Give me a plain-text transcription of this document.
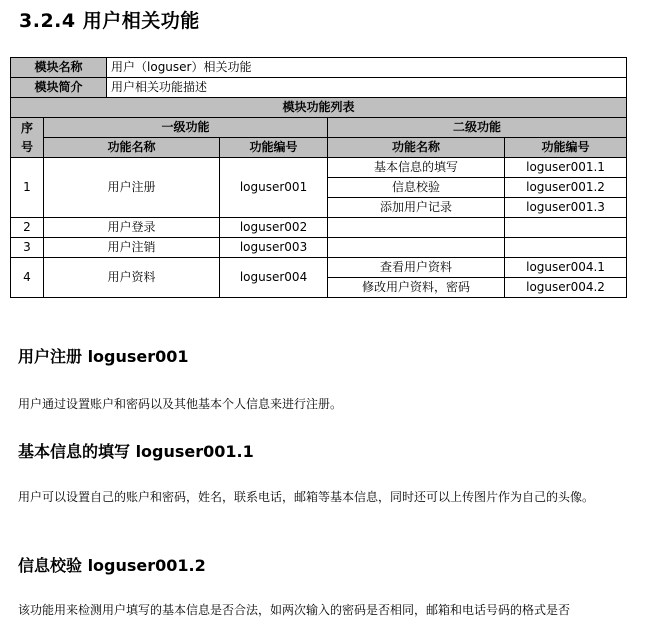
3.2.4 用户相关功能
模块名称		用户（loguser）相关功能			
模块简介		用户相关功能描述			
模块功能列表					
序号	一级功能			二级功能	
	功能名称		功能编号	功能名称	功能编号
1	用户注册		loguser001	基本信息的填写	loguser001.1
				信息校验	loguser001.2
				添加用户记录	loguser001.3
2	用户登录		loguser002		
3	用户注销		loguser003		
4	用户资料		loguser004	查看用户资料	loguser004.1
				修改用户资料，密码	loguser004.2
用户注册 loguser001

用户通过设置账户和密码以及其他基本个人信息来进行注册。

基本信息的填写 loguser001.1

用户可以设置自己的账户和密码，姓名，联系电话，邮箱等基本信息，同时还可以上传图片作为自己的头像。

信息校验 loguser001.2

该功能用来检测用户填写的基本信息是否合法，如两次输入的密码是否相同，邮箱和电话号码的格式是否
